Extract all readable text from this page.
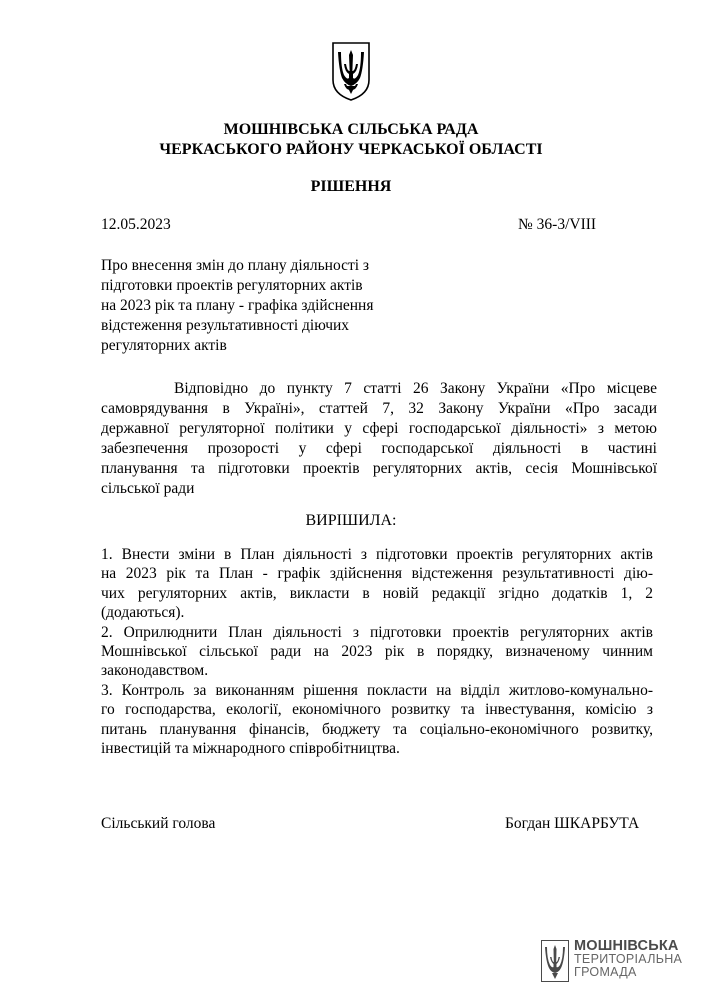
МОШНІВСЬКА СІЛЬСЬКА РАДА
ЧЕРКАСЬКОГО РАЙОНУ ЧЕРКАСЬКОЇ ОБЛАСТІ
РІШЕННЯ
12.05.2023	№ 36-3/VIII
Про внесення змін до плану діяльності з
підготовки проектів регуляторних актів
на 2023 рік та плану - графіка здійснення
відстеження результативності діючих
регуляторних актів
Відповідно до пункту 7 статті 26 Закону України «Про місцеве
самоврядування в Україні», статтей 7, 32 Закону України «Про засади
державної регуляторної політики у сфері господарської діяльності» з метою
забезпечення прозорості у сфері господарської діяльності в частині
планування та підготовки проектів регуляторних актів, сесія Мошнівської
сільської ради
ВИРІШИЛА:
1. Внести зміни в План діяльності з підготовки проектів регуляторних актів
на 2023 рік та План - графік здійснення відстеження результативності дію-
чих регуляторних актів, викласти в новій редакції згідно додатків 1, 2
(додаються).
2. Оприлюднити План діяльності з підготовки проектів регуляторних актів
Мошнівської сільської ради на 2023 рік в порядку, визначеному чинним
законодавством.
3. Контроль за виконанням рішення покласти на відділ житлово-комунально-
го господарства, екології, економічного розвитку та інвестування, комісію з
питань планування фінансів, бюджету та соціально-економічного розвитку,
інвестицій та міжнародного співробітництва.
Сільський голова	Богдан ШКАРБУТА
МОШНІВСЬКА
ТЕРИТОРІАЛЬНА
ГРОМАДА
